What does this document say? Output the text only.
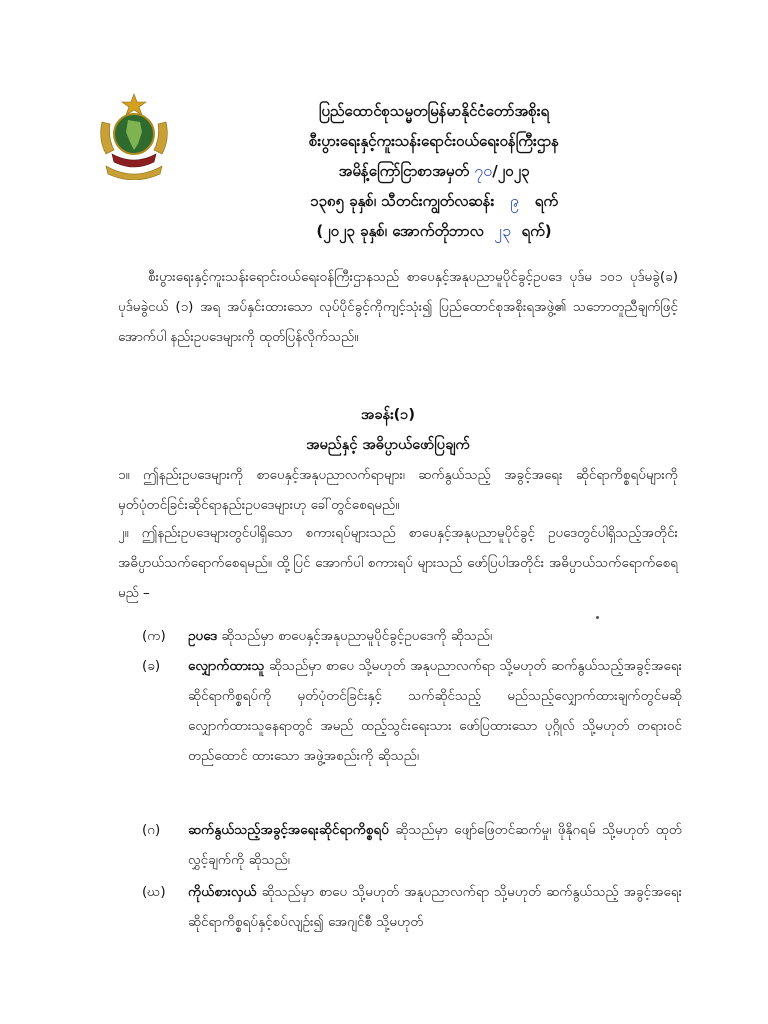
ပြည်ထောင်စုသမ္မတမြန်မာနိုင်ငံတော်အစိုးရ
စီးပွားရေးနှင့်ကူးသန်းရောင်းဝယ်ရေးဝန်ကြီးဌာန
အမိန့်ကြော်ငြာစာအမှတ် ၇၀/၂၀၂၃
၁၃၈၅ ခုနှစ်၊ သီတင်းကျွတ်လဆန်း ၉ ရက်
(၂၀၂၃ ခုနှစ်၊ အောက်တိုဘာလ ၂၃ ရက်)
စီးပွားရေးနှင့်ကူးသန်းရောင်းဝယ်ရေးဝန်ကြီးဌာနသည် စာပေနှင့်အနုပညာမူပိုင်ခွင့်ဥပဒေ ပုဒ်မ ၁၀၁ ပုဒ်မခွဲ(ခ) ပုဒ်မခွဲငယ် (၁) အရ အပ်နှင်းထားသော လုပ်ပိုင်ခွင့်ကိုကျင့်သုံး၍ ပြည်ထောင်စုအစိုးရအဖွဲ့၏ သဘောတူညီချက်ဖြင့် အောက်ပါ နည်းဥပဒေများကို ထုတ်ပြန်လိုက်သည်။
အခန်း(၁)
အမည်နှင့် အဓိပ္ပာယ်ဖော်ပြချက်
၁။ ဤနည်းဥပဒေများကို စာပေနှင့်အနုပညာလက်ရာများ၊ ဆက်နွယ်သည့် အခွင့်အရေး ဆိုင်ရာကိစ္စရပ်များကို မှတ်ပုံတင်ခြင်းဆိုင်ရာနည်းဥပဒေများဟု ခေါ်တွင်စေရမည်။
၂။ ဤနည်းဥပဒေများတွင်ပါရှိသော စကားရပ်များသည် စာပေနှင့်အနုပညာမူပိုင်ခွင့် ဥပဒေတွင်ပါရှိသည့်အတိုင်း အဓိပ္ပာယ်သက်ရောက်စေရမည်။ ထို့ပြင် အောက်ပါ စကားရပ် များသည် ဖော်ပြပါအတိုင်း အဓိပ္ပာယ်သက်ရောက်စေရမည် –
(က)	ဥပဒေ ဆိုသည်မှာ စာပေနှင့်အနုပညာမူပိုင်ခွင့်ဥပဒေကို ဆိုသည်၊
(ခ)	လျှောက်ထားသူ ဆိုသည်မှာ စာပေ သို့မဟုတ် အနုပညာလက်ရာ သို့မဟုတ် ဆက်နွယ်သည့်အခွင့်အရေးဆိုင်ရာကိစ္စရပ်ကို မှတ်ပုံတင်ခြင်းနှင့် သက်ဆိုင်သည့် မည်သည့်လျှောက်ထားချက်တွင်မဆို လျှောက်ထားသူနေရာတွင် အမည် ထည့်သွင်းရေးသား ဖော်ပြထားသော ပုဂ္ဂိုလ် သို့မဟုတ် တရားဝင်တည်ထောင် ထားသော အဖွဲ့အစည်းကို ဆိုသည်၊
(ဂ)	ဆက်နွယ်သည့်အခွင့်အရေးဆိုင်ရာကိစ္စရပ် ဆိုသည်မှာ ဖျော်ဖြေတင်ဆက်မှု၊ ဖိုနိုဂရမ် သို့မဟုတ် ထုတ်လွှင့်ချက်ကို ဆိုသည်၊
(ဃ)	ကိုယ်စားလှယ် ဆိုသည်မှာ စာပေ သို့မဟုတ် အနုပညာလက်ရာ သို့မဟုတ် ဆက်နွယ်သည့် အခွင့်အရေးဆိုင်ရာကိစ္စရပ်နှင့်စပ်လျဉ်း၍ အေဂျင်စီ သို့မဟုတ်
